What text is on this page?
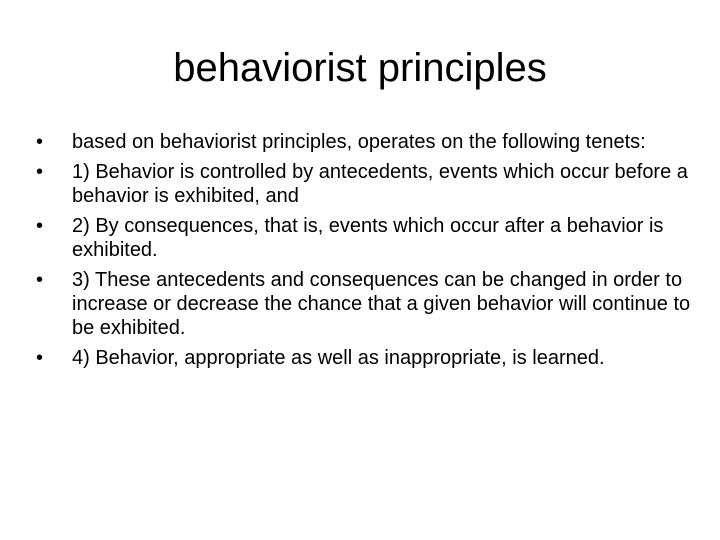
behaviorist principles
•	based on behaviorist principles, operates on the following tenets:
•	1) Behavior is controlled by antecedents, events which occur before a behavior is exhibited, and
•	2) By consequences, that is, events which occur after a behavior is exhibited.
•	3) These antecedents and consequences can be changed in order to increase or decrease the chance that a given behavior will continue to be exhibited.
•	4) Behavior, appropriate as well as inappropriate, is learned.
